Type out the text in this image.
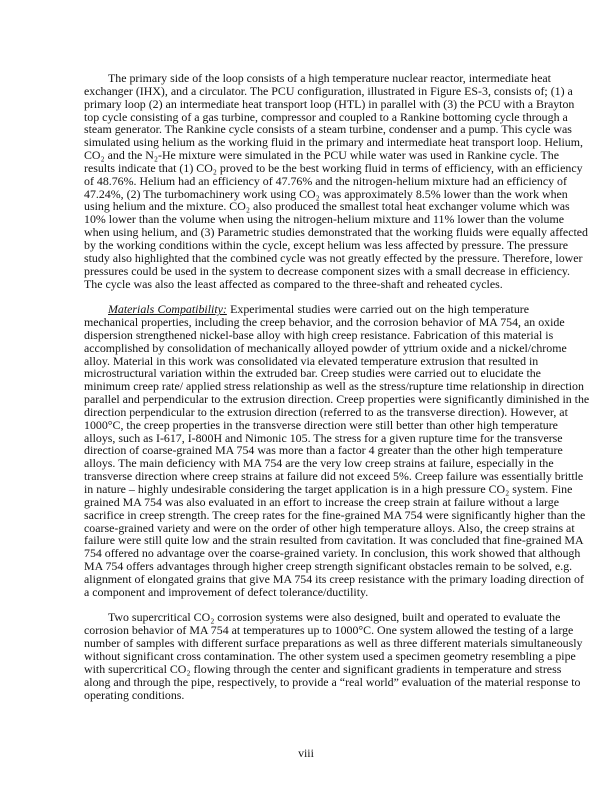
The primary side of the loop consists of a high temperature nuclear reactor, intermediate heat
exchanger (IHX), and a circulator. The PCU configuration, illustrated in Figure ES-3, consists of; (1) a
primary loop (2) an intermediate heat transport loop (HTL) in parallel with (3) the PCU with a Brayton
top cycle consisting of a gas turbine, compressor and coupled to a Rankine bottoming cycle through a
steam generator. The Rankine cycle consists of a steam turbine, condenser and a pump. This cycle was
simulated using helium as the working fluid in the primary and intermediate heat transport loop. Helium,
CO₂ and the N₂-He mixture were simulated in the PCU while water was used in Rankine cycle. The
results indicate that (1) CO₂ proved to be the best working fluid in terms of efficiency, with an efficiency
of 48.76%. Helium had an efficiency of 47.76% and the nitrogen-helium mixture had an efficiency of
47.24%, (2) The turbomachinery work using CO₂ was approximately 8.5% lower than the work when
using helium and the mixture. CO₂ also produced the smallest total heat exchanger volume which was
10% lower than the volume when using the nitrogen-helium mixture and 11% lower than the volume
when using helium, and (3) Parametric studies demonstrated that the working fluids were equally affected
by the working conditions within the cycle, except helium was less affected by pressure. The pressure
study also highlighted that the combined cycle was not greatly effected by the pressure. Therefore, lower
pressures could be used in the system to decrease component sizes with a small decrease in efficiency.
The cycle was also the least affected as compared to the three-shaft and reheated cycles.
Materials Compatibility: Experimental studies were carried out on the high temperature
mechanical properties, including the creep behavior, and the corrosion behavior of MA 754, an oxide
dispersion strengthened nickel-base alloy with high creep resistance. Fabrication of this material is
accomplished by consolidation of mechanically alloyed powder of yttrium oxide and a nickel/chrome
alloy. Material in this work was consolidated via elevated temperature extrusion that resulted in
microstructural variation within the extruded bar. Creep studies were carried out to elucidate the
minimum creep rate/ applied stress relationship as well as the stress/rupture time relationship in direction
parallel and perpendicular to the extrusion direction. Creep properties were significantly diminished in the
direction perpendicular to the extrusion direction (referred to as the transverse direction). However, at
1000°C, the creep properties in the transverse direction were still better than other high temperature
alloys, such as I-617, I-800H and Nimonic 105. The stress for a given rupture time for the transverse
direction of coarse-grained MA 754 was more than a factor 4 greater than the other high temperature
alloys. The main deficiency with MA 754 are the very low creep strains at failure, especially in the
transverse direction where creep strains at failure did not exceed 5%. Creep failure was essentially brittle
in nature – highly undesirable considering the target application is in a high pressure CO₂ system. Fine
grained MA 754 was also evaluated in an effort to increase the creep strain at failure without a large
sacrifice in creep strength. The creep rates for the fine-grained MA 754 were significantly higher than the
coarse-grained variety and were on the order of other high temperature alloys. Also, the creep strains at
failure were still quite low and the strain resulted from cavitation. It was concluded that fine-grained MA
754 offered no advantage over the coarse-grained variety. In conclusion, this work showed that although
MA 754 offers advantages through higher creep strength significant obstacles remain to be solved, e.g.
alignment of elongated grains that give MA 754 its creep resistance with the primary loading direction of
a component and improvement of defect tolerance/ductility.
Two supercritical CO₂ corrosion systems were also designed, built and operated to evaluate the
corrosion behavior of MA 754 at temperatures up to 1000°C. One system allowed the testing of a large
number of samples with different surface preparations as well as three different materials simultaneously
without significant cross contamination. The other system used a specimen geometry resembling a pipe
with supercritical CO₂ flowing through the center and significant gradients in temperature and stress
along and through the pipe, respectively, to provide a “real world” evaluation of the material response to
operating conditions.
viii
